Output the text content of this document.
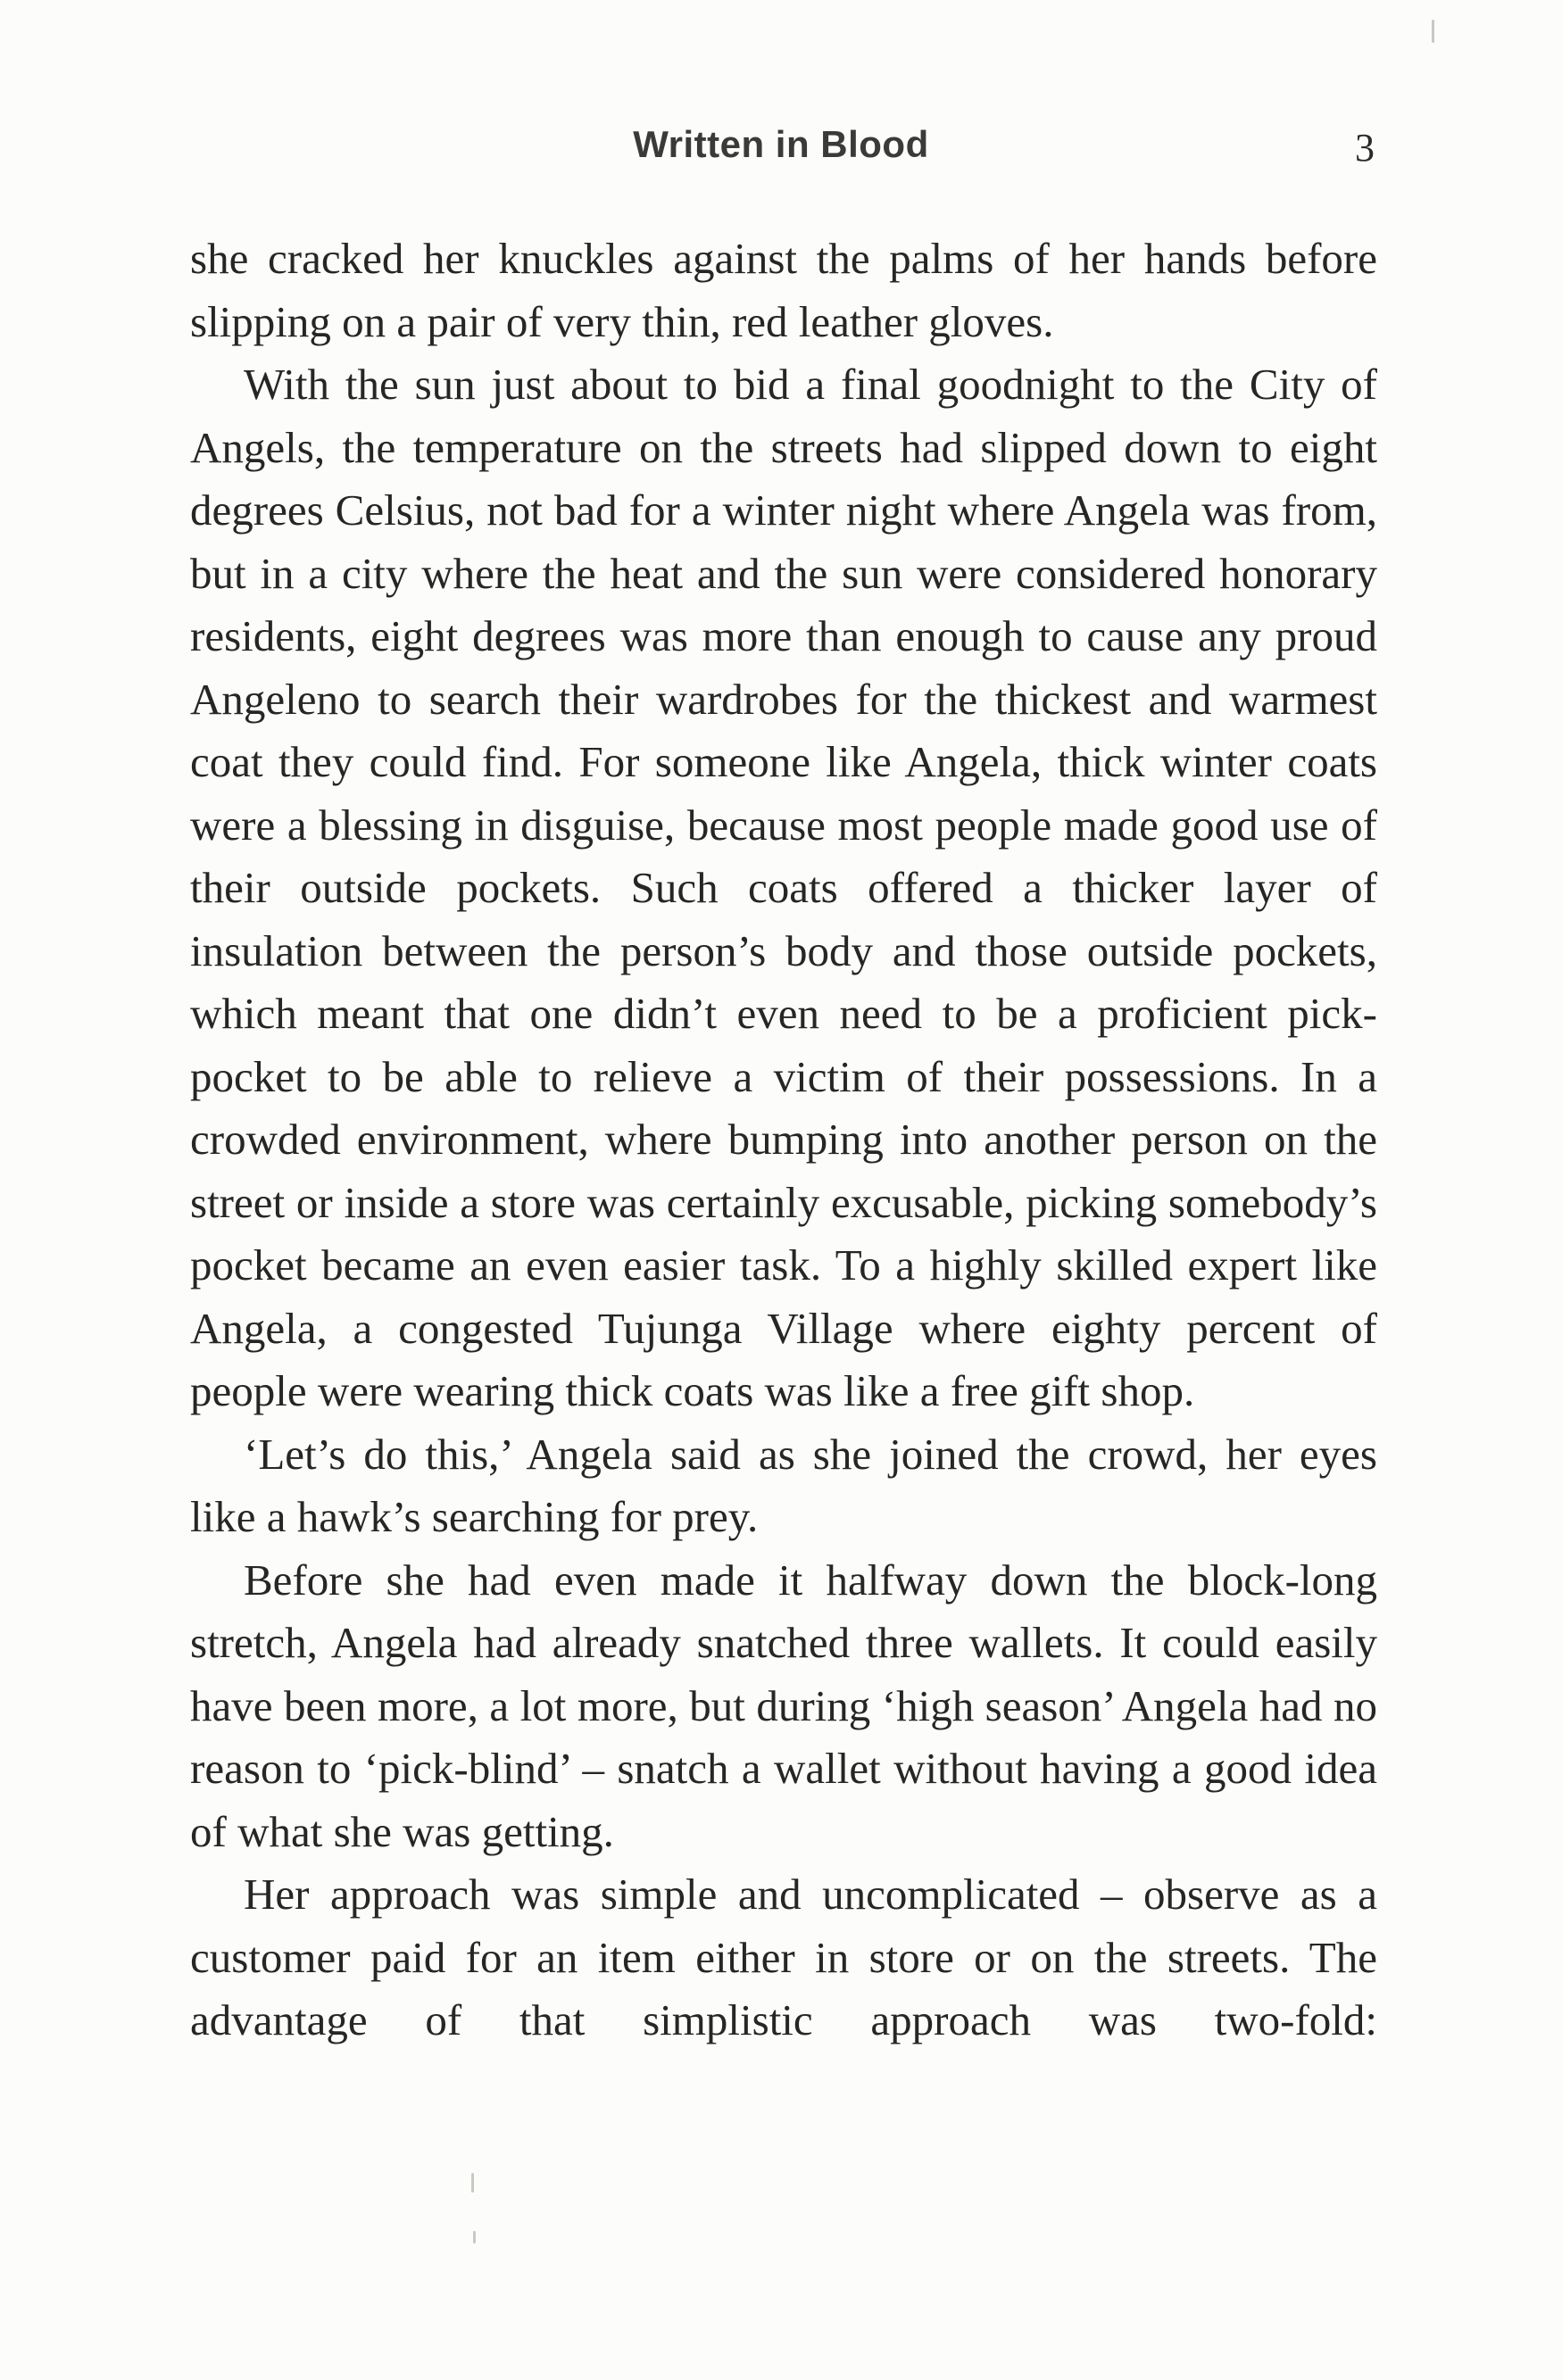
Written in Blood	3

she cracked her knuckles against the palms of her hands before slipping on a pair of very thin, red leather gloves.

With the sun just about to bid a final goodnight to the City of Angels, the temperature on the streets had slipped down to eight degrees Celsius, not bad for a winter night where Angela was from, but in a city where the heat and the sun were considered honorary residents, eight degrees was more than enough to cause any proud Angeleno to search their wardrobes for the thickest and warmest coat they could find. For someone like Angela, thick winter coats were a blessing in disguise, because most people made good use of their outside pockets. Such coats offered a thicker layer of insulation between the person’s body and those outside pockets, which meant that one didn’t even need to be a proficient pickpocket to be able to relieve a victim of their possessions. In a crowded environment, where bumping into another person on the street or inside a store was certainly excusable, picking somebody’s pocket became an even easier task. To a highly skilled expert like Angela, a congested Tujunga Village where eighty percent of people were wearing thick coats was like a free gift shop.

‘Let’s do this,’ Angela said as she joined the crowd, her eyes like a hawk’s searching for prey.

Before she had even made it halfway down the block-long stretch, Angela had already snatched three wallets. It could easily have been more, a lot more, but during ‘high season’ Angela had no reason to ‘pick-blind’ – snatch a wallet without having a good idea of what she was getting.

Her approach was simple and uncomplicated – observe as a customer paid for an item either in store or on the streets. The advantage of that simplistic approach was two-fold:
